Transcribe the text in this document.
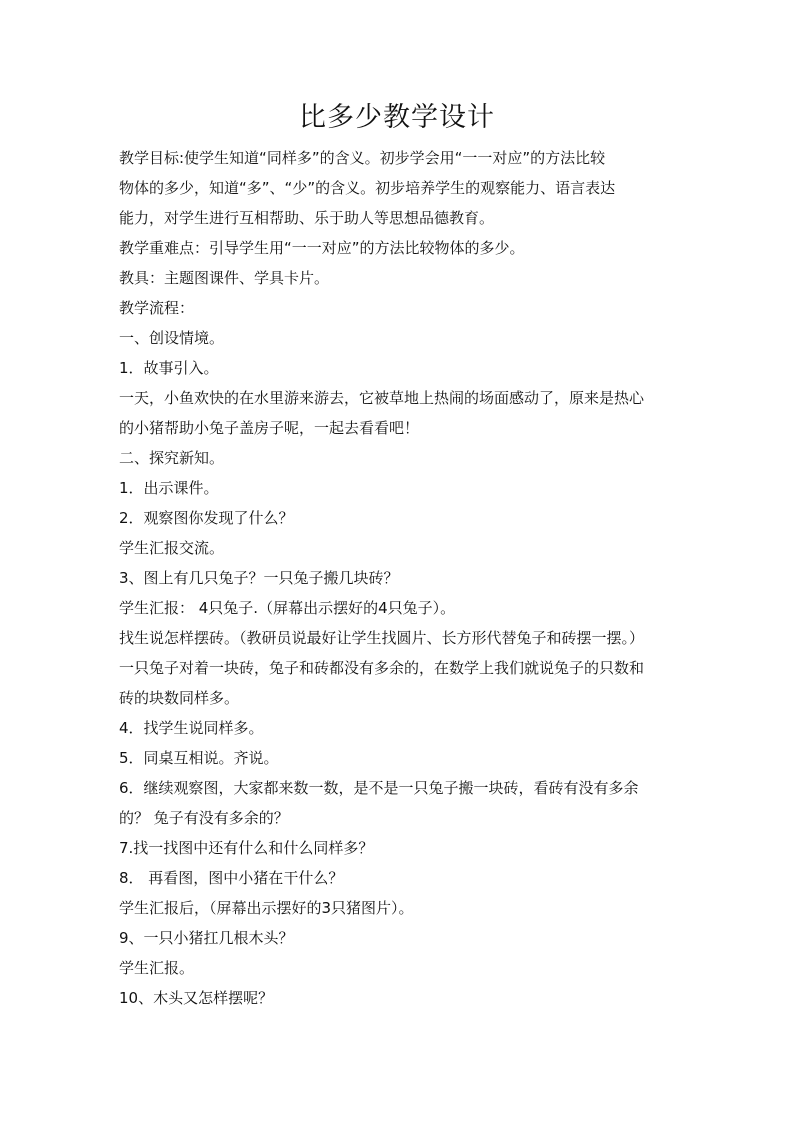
比多少教学设计
教学目标:使学生知道“同样多”的含义。初步学会用“一一对应”的方法比较
物体的多少，知道“多”、“少”的含义。初步培养学生的观察能力、语言表达
能力，对学生进行互相帮助、乐于助人等思想品德教育。
教学重难点：引导学生用“一一对应”的方法比较物体的多少。
教具：主题图课件、学具卡片。
教学流程：
一、创设情境。
1．故事引入。
一天，小鱼欢快的在水里游来游去，它被草地上热闹的场面感动了，原来是热心
的小猪帮助小兔子盖房子呢，一起去看看吧！
二、探究新知。
1．出示课件。
2．观察图你发现了什么？
学生汇报交流。
3、图上有几只兔子？一只兔子搬几块砖？
学生汇报： 4只兔子.（屏幕出示摆好的4只兔子）。
找生说怎样摆砖。（教研员说最好让学生找圆片、长方形代替兔子和砖摆一摆。）
一只兔子对着一块砖，兔子和砖都没有多余的，在数学上我们就说兔子的只数和
砖的块数同样多。
4．找学生说同样多。
5．同桌互相说。齐说。
6．继续观察图，大家都来数一数，是不是一只兔子搬一块砖，看砖有没有多余
的？ 兔子有没有多余的？
7.找一找图中还有什么和什么同样多？
8． 再看图，图中小猪在干什么？
学生汇报后，（屏幕出示摆好的3只猪图片）。
9、一只小猪扛几根木头？
学生汇报。
10、木头又怎样摆呢？
